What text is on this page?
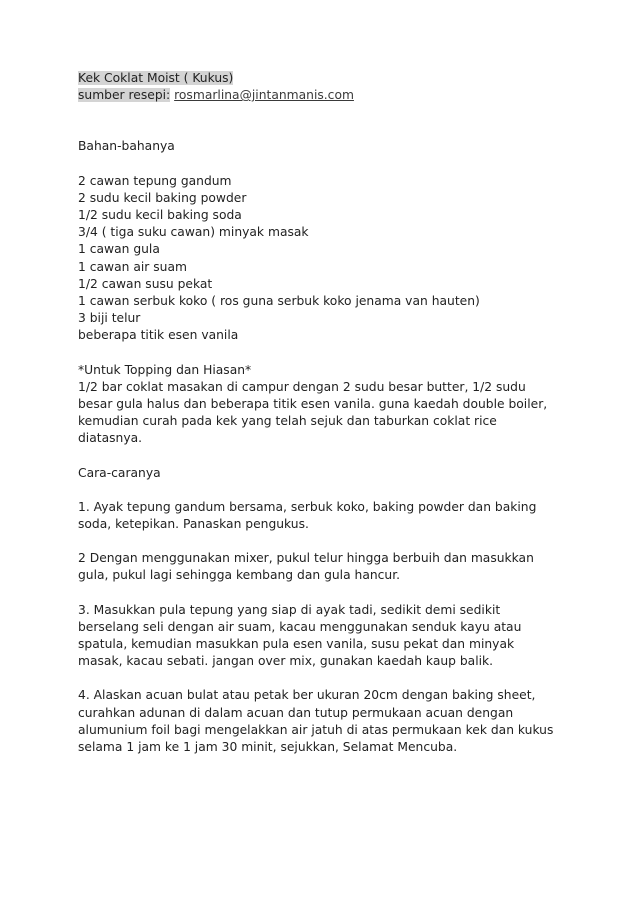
Kek Coklat Moist ( Kukus)
sumber resepi: rosmarlina@jintanmanis.com
Bahan-bahanya
2 cawan tepung gandum
2 sudu kecil baking powder
1/2 sudu kecil baking soda
3/4 ( tiga suku cawan) minyak masak
1 cawan gula
1 cawan air suam
1/2 cawan susu pekat
1 cawan serbuk koko ( ros guna serbuk koko jenama van hauten)
3 biji telur
beberapa titik esen vanila
*Untuk Topping dan Hiasan*
1/2 bar coklat masakan di campur dengan 2 sudu besar butter, 1/2 sudu
besar gula halus dan beberapa titik esen vanila. guna kaedah double boiler,
kemudian curah pada kek yang telah sejuk dan taburkan coklat rice
diatasnya.
Cara-caranya
1. Ayak tepung gandum bersama, serbuk koko, baking powder dan baking
soda, ketepikan. Panaskan pengukus.
2 Dengan menggunakan mixer, pukul telur hingga berbuih dan masukkan
gula, pukul lagi sehingga kembang dan gula hancur.
3. Masukkan pula tepung yang siap di ayak tadi, sedikit demi sedikit
berselang seli dengan air suam, kacau menggunakan senduk kayu atau
spatula, kemudian masukkan pula esen vanila, susu pekat dan minyak
masak, kacau sebati. jangan over mix, gunakan kaedah kaup balik.
4. Alaskan acuan bulat atau petak ber ukuran 20cm dengan baking sheet,
curahkan adunan di dalam acuan dan tutup permukaan acuan dengan
alumunium foil bagi mengelakkan air jatuh di atas permukaan kek dan kukus
selama 1 jam ke 1 jam 30 minit, sejukkan, Selamat Mencuba.
